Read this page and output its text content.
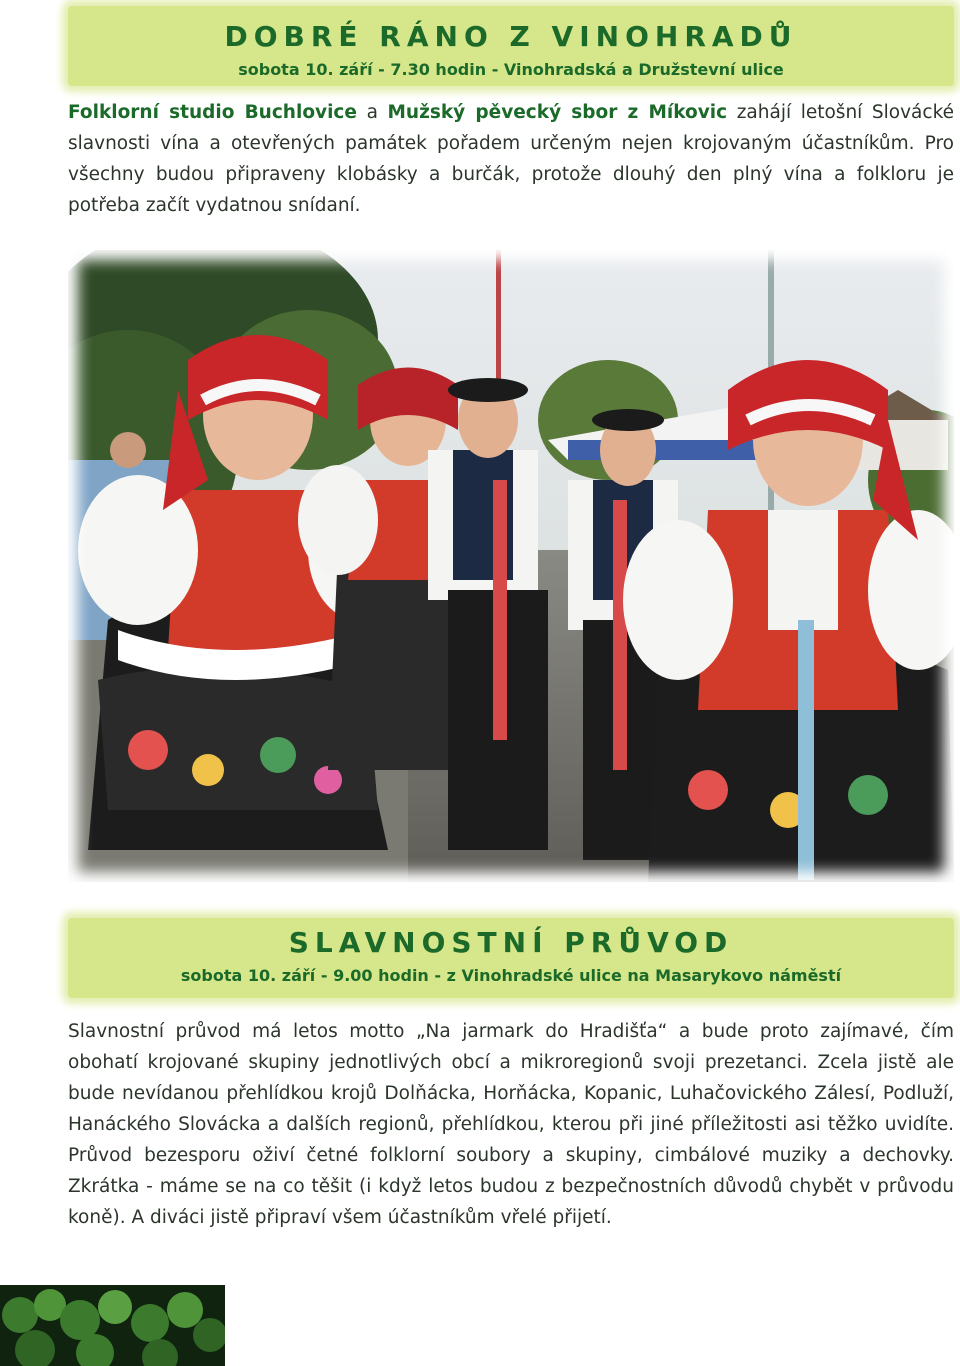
DOBRÉ RÁNO Z VINOHRADŮ
sobota 10. září - 7.30 hodin - Vinohradská a Družstevní ulice
Folklorní studio Buchlovice a Mužský pěvecký sbor z Míkovic zahájí letošní Slovácké slavnosti vína a otevřených památek pořadem určeným nejen krojovaným účastníkům. Pro všechny budou připraveny klobásky a burčák, protože dlouhý den plný vína a folkloru je potřeba začít vydatnou snídaní.
SLAVNOSTNÍ PRŮVOD
sobota 10. září - 9.00 hodin - z Vinohradské ulice na Masarykovo náměstí
Slavnostní průvod má letos motto „Na jarmark do Hradišťa“ a bude proto zajímavé, čím obohatí krojované skupiny jednotlivých obcí a mikroregionů svoji prezetanci. Zcela jistě ale bude nevídanou přehlídkou krojů Dolňácka, Horňácka, Kopanic, Luhačovického Zálesí, Podluží, Hanáckého Slovácka a dalších regionů, přehlídkou, kterou při jiné příležitosti asi těžko uvidíte. Průvod bezesporu oživí četné folklorní soubory a skupiny, cimbálové muziky a dechovky. Zkrátka - máme se na co těšit (i když letos budou z bezpečnostních důvodů chybět v průvodu koně). A diváci jistě připraví všem účastníkům vřelé přijetí.
